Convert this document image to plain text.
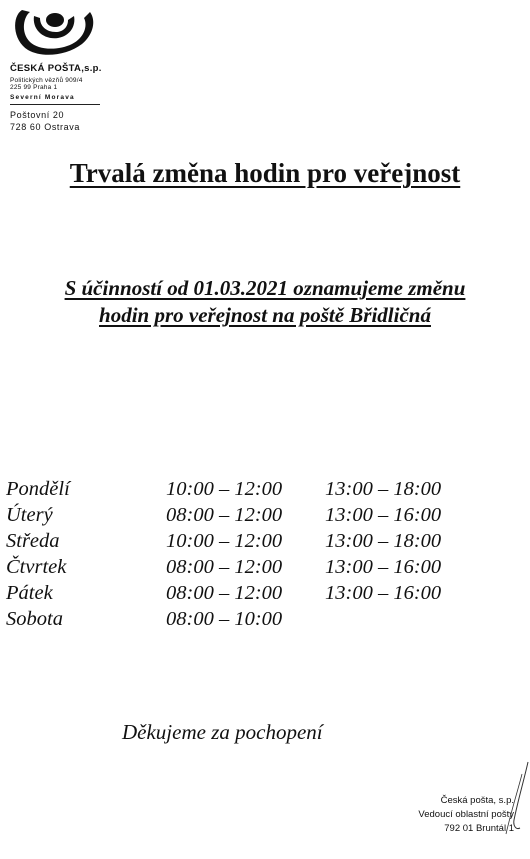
ČESKÁ POŠTA,s.p.
Politických vězňů 909/4
225 99 Praha 1
Severní Morava
Poštovní 20
728 60 Ostrava
Trvalá změna hodin pro veřejnost
S účinností od 01.03.2021 oznamujeme změnu
hodin pro veřejnost na poště Břidličná
Pondělí	10:00 – 12:00 13:00 – 18:00
Úterý	08:00 – 12:00 13:00 – 16:00
Středa	10:00 – 12:00 13:00 – 18:00
Čtvrtek	08:00 – 12:00 13:00 – 16:00
Pátek	08:00 – 12:00 13:00 – 16:00
Sobota	08:00 – 10:00
Děkujeme za pochopení
Česká pošta, s.p.
Vedoucí oblastní pošty
792 01 Bruntál 1
